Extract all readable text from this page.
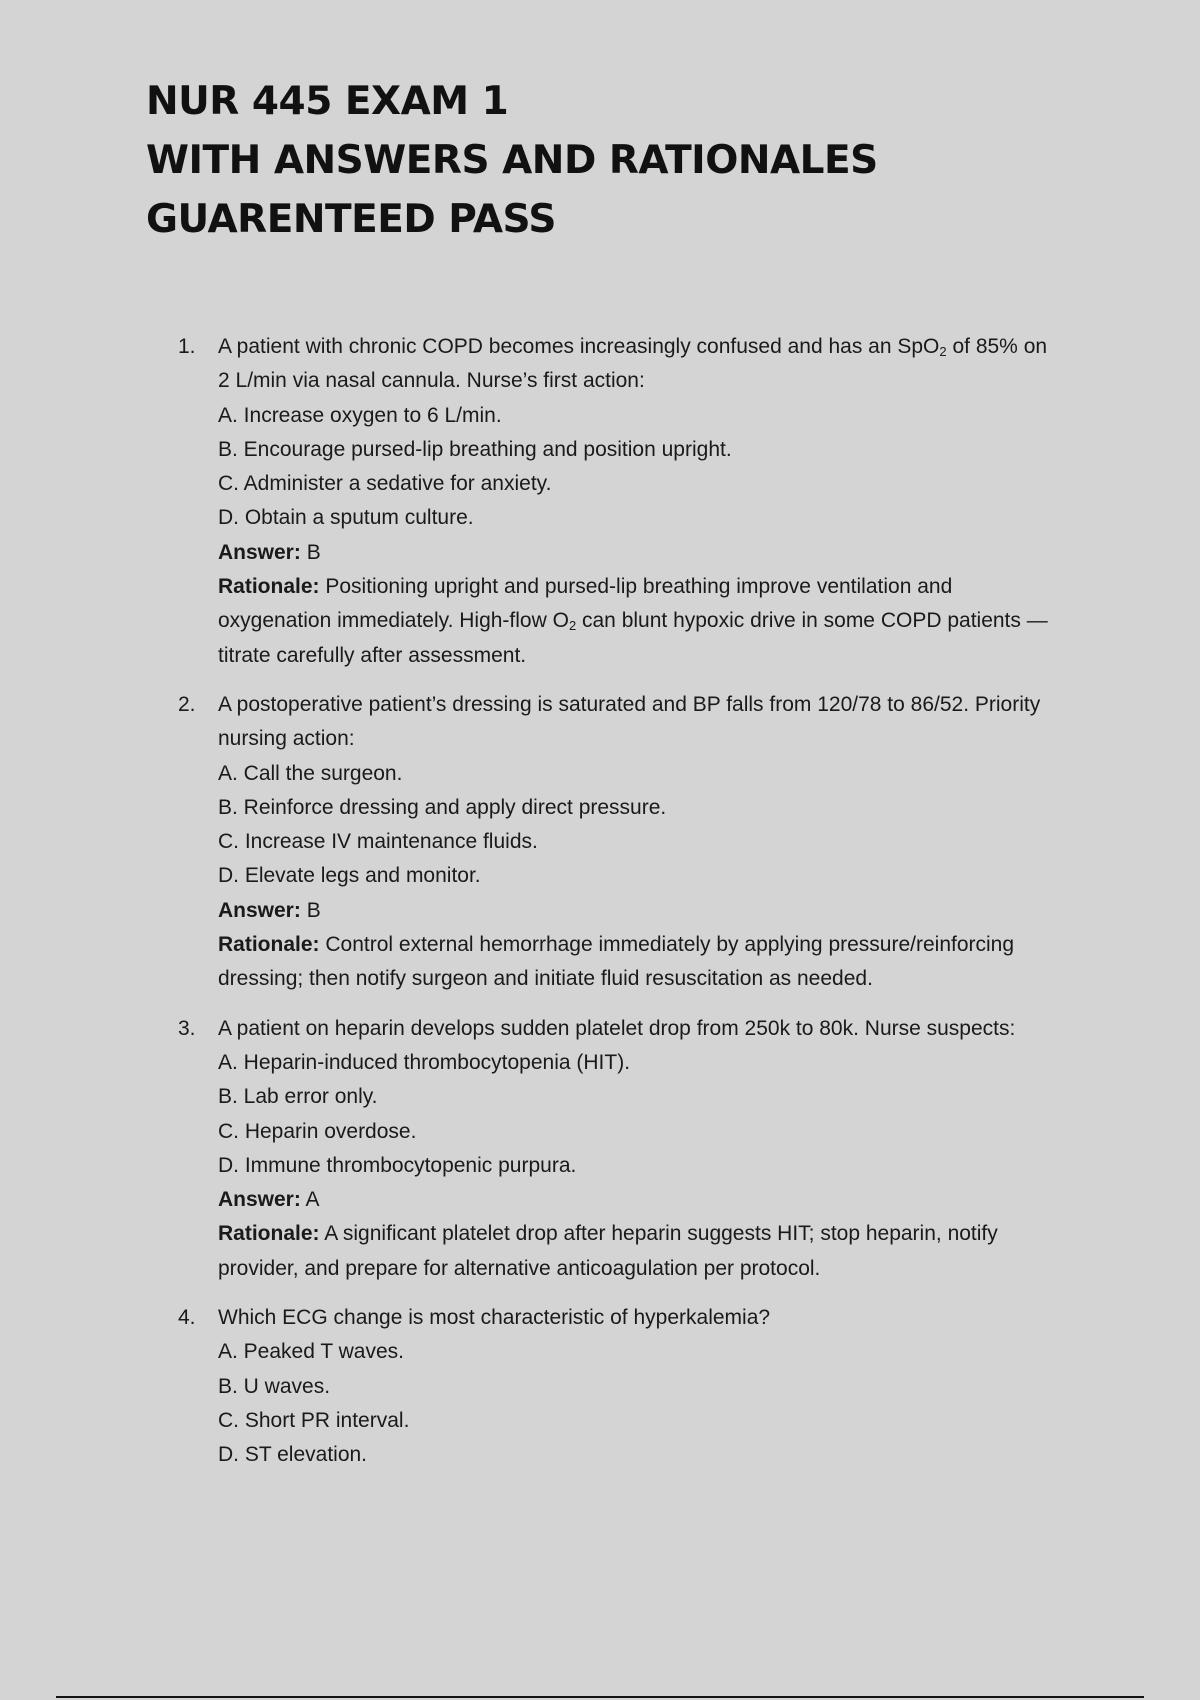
NUR 445 EXAM 1
WITH ANSWERS AND RATIONALES
GUARENTEED PASS
1.	A patient with chronic COPD becomes increasingly confused and has an SpO$_2$ of 85% on 2 L/min via nasal cannula. Nurse’s first action:
A. Increase oxygen to 6 L/min.
B. Encourage pursed-lip breathing and position upright.
C. Administer a sedative for anxiety.
D. Obtain a sputum culture.
Answer: B
Rationale: Positioning upright and pursed-lip breathing improve ventilation and oxygenation immediately. High-flow $O_2$ can blunt hypoxic drive in some COPD patients — titrate carefully after assessment.
2.	A postoperative patient’s dressing is saturated and BP falls from 120/78 to 86/52. Priority nursing action:
A. Call the surgeon.
B. Reinforce dressing and apply direct pressure.
C. Increase IV maintenance fluids.
D. Elevate legs and monitor.
Answer: B
Rationale: Control external hemorrhage immediately by applying pressure/reinforcing dressing; then notify surgeon and initiate fluid resuscitation as needed.
3.	A patient on heparin develops sudden platelet drop from 250k to 80k. Nurse suspects:
A. Heparin-induced thrombocytopenia (HIT).
B. Lab error only.
C. Heparin overdose.
D. Immune thrombocytopenic purpura.
Answer: A
Rationale: A significant platelet drop after heparin suggests HIT; stop heparin, notify provider, and prepare for alternative anticoagulation per protocol.
4.	Which ECG change is most characteristic of hyperkalemia?
A. Peaked T waves.
B. U waves.
C. Short PR interval.
D. ST elevation.
